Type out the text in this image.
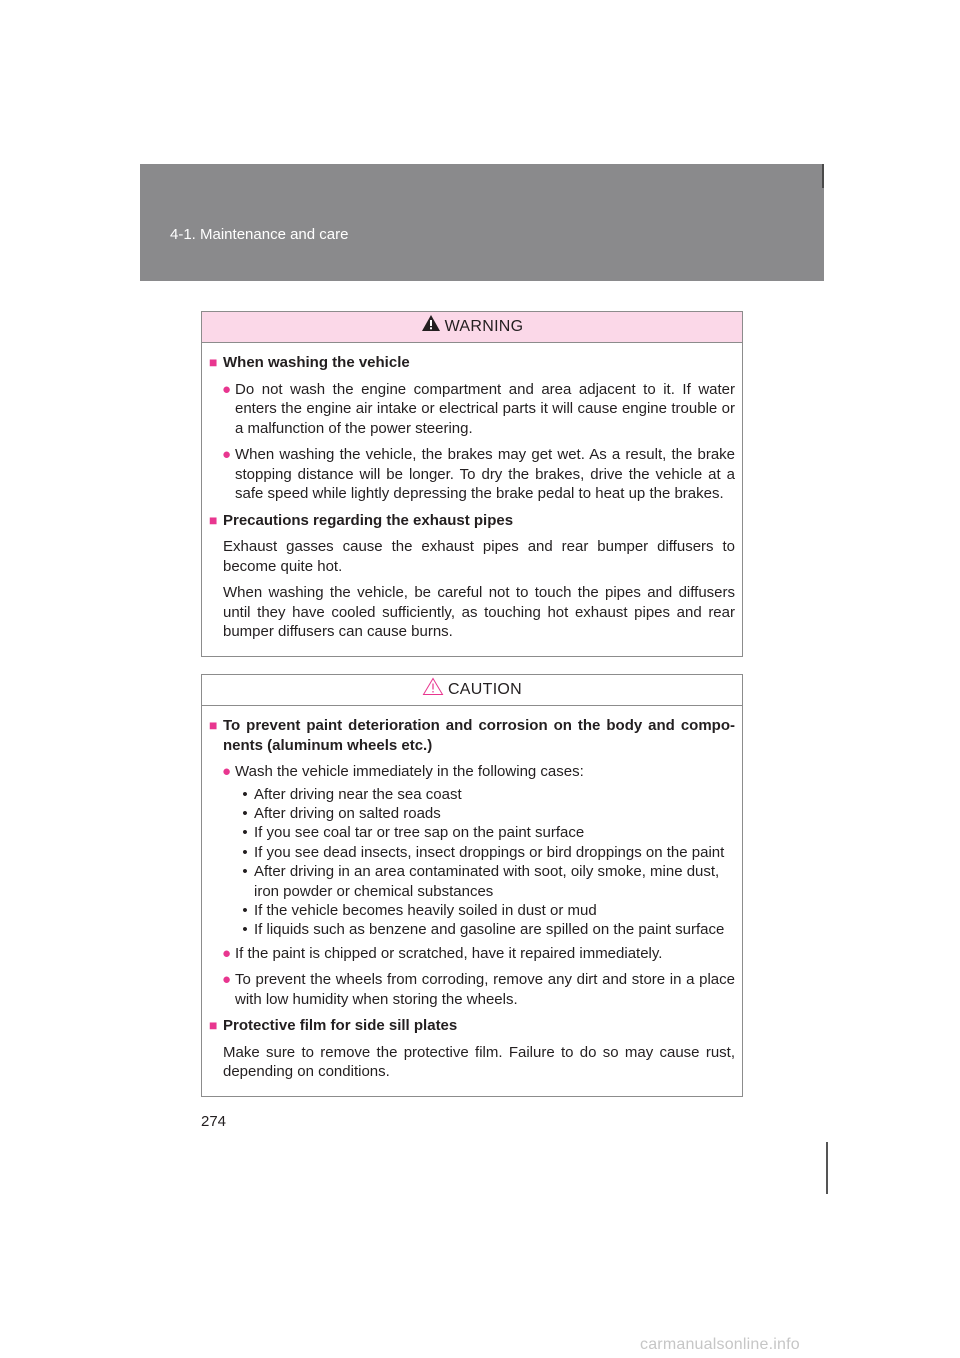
4-1. Maintenance and care
WARNING
■ When washing the vehicle
● Do not wash the engine compartment and area adjacent to it. If water enters the engine air intake or electrical parts it will cause engine trouble or a malfunction of the power steering.
● When washing the vehicle, the brakes may get wet. As a result, the brake stopping distance will be longer. To dry the brakes, drive the vehicle at a safe speed while lightly depressing the brake pedal to heat up the brakes.
■ Precautions regarding the exhaust pipes
Exhaust gasses cause the exhaust pipes and rear bumper diffusers to become quite hot.
When washing the vehicle, be careful not to touch the pipes and diffusers until they have cooled sufficiently, as touching hot exhaust pipes and rear bumper diffusers can cause burns.
CAUTION
■ To prevent paint deterioration and corrosion on the body and compo- nents (aluminum wheels etc.)
● Wash the vehicle immediately in the following cases:
• After driving near the sea coast
• After driving on salted roads
• If you see coal tar or tree sap on the paint surface
• If you see dead insects, insect droppings or bird droppings on the paint
• After driving in an area contaminated with soot, oily smoke, mine dust, iron powder or chemical substances
• If the vehicle becomes heavily soiled in dust or mud
• If liquids such as benzene and gasoline are spilled on the paint surface
● If the paint is chipped or scratched, have it repaired immediately.
● To prevent the wheels from corroding, remove any dirt and store in a place with low humidity when storing the wheels.
■ Protective film for side sill plates
Make sure to remove the protective film. Failure to do so may cause rust, depending on conditions.
274
carmanualsonline.info
